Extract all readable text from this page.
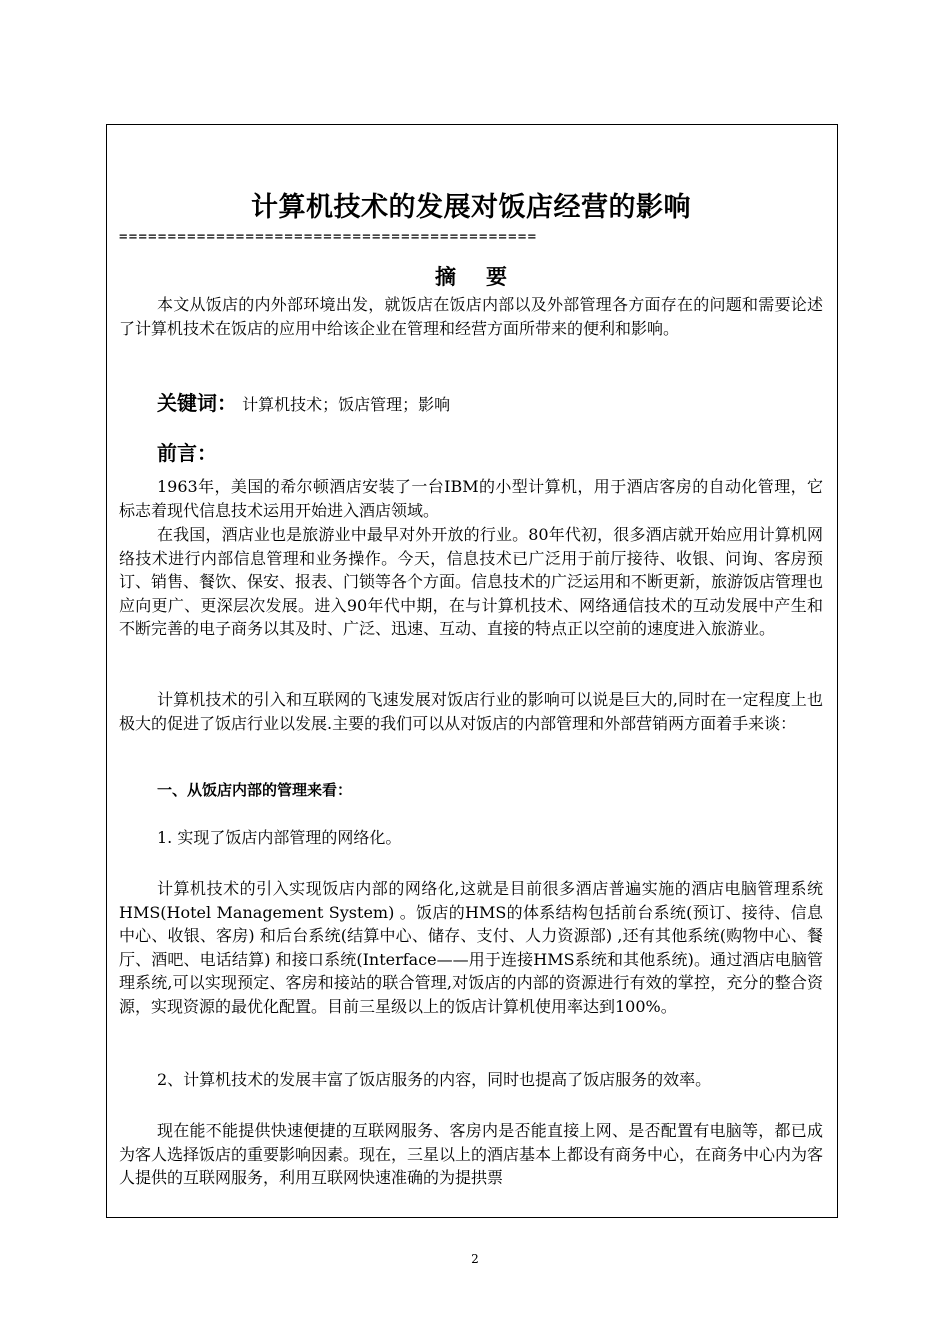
计算机技术的发展对饭店经营的影响
===========================================
摘要
本文从饭店的内外部环境出发，就饭店在饭店内部以及外部管理各方面存在的问题和需要论述了计算机技术在饭店的应用中给该企业在管理和经营方面所带来的便利和影响。
关键词： 计算机技术；饭店管理；影响
前言：
1963年，美国的希尔顿酒店安装了一台IBM的小型计算机，用于酒店客房的自动化管理，它标志着现代信息技术运用开始进入酒店领域。
在我国，酒店业也是旅游业中最早对外开放的行业。80年代初，很多酒店就开始应用计算机网络技术进行内部信息管理和业务操作。今天，信息技术已广泛用于前厅接待、收银、问询、客房预订、销售、餐饮、保安、报表、门锁等各个方面。信息技术的广泛运用和不断更新，旅游饭店管理也应向更广、更深层次发展。进入90年代中期，在与计算机技术、网络通信技术的互动发展中产生和不断完善的电子商务以其及时、广泛、迅速、互动、直接的特点正以空前的速度进入旅游业。
计算机技术的引入和互联网的飞速发展对饭店行业的影响可以说是巨大的,同时在一定程度上也极大的促进了饭店行业以发展.主要的我们可以从对饭店的内部管理和外部营销两方面着手来谈：
一、从饭店内部的管理来看：
1. 实现了饭店内部管理的网络化。
计算机技术的引入实现饭店内部的网络化,这就是目前很多酒店普遍实施的酒店电脑管理系统HMS(Hotel Management System) 。饭店的HMS的体系结构包括前台系统(预订、接待、信息中心、收银、客房) 和后台系统(结算中心、储存、支付、人力资源部) ,还有其他系统(购物中心、餐厅、酒吧、电话结算) 和接口系统(Interface——用于连接HMS系统和其他系统)。通过酒店电脑管理系统,可以实现预定、客房和接站的联合管理,对饭店的内部的资源进行有效的掌控，充分的整合资源，实现资源的最优化配置。目前三星级以上的饭店计算机使用率达到100%。
2、计算机技术的发展丰富了饭店服务的内容，同时也提高了饭店服务的效率。
现在能不能提供快速便捷的互联网服务、客房内是否能直接上网、是否配置有电脑等，都已成为客人选择饭店的重要影响因素。现在，三星以上的酒店基本上都设有商务中心，在商务中心内为客人提供的互联网服务，利用互联网快速准确的为提拱票
2
